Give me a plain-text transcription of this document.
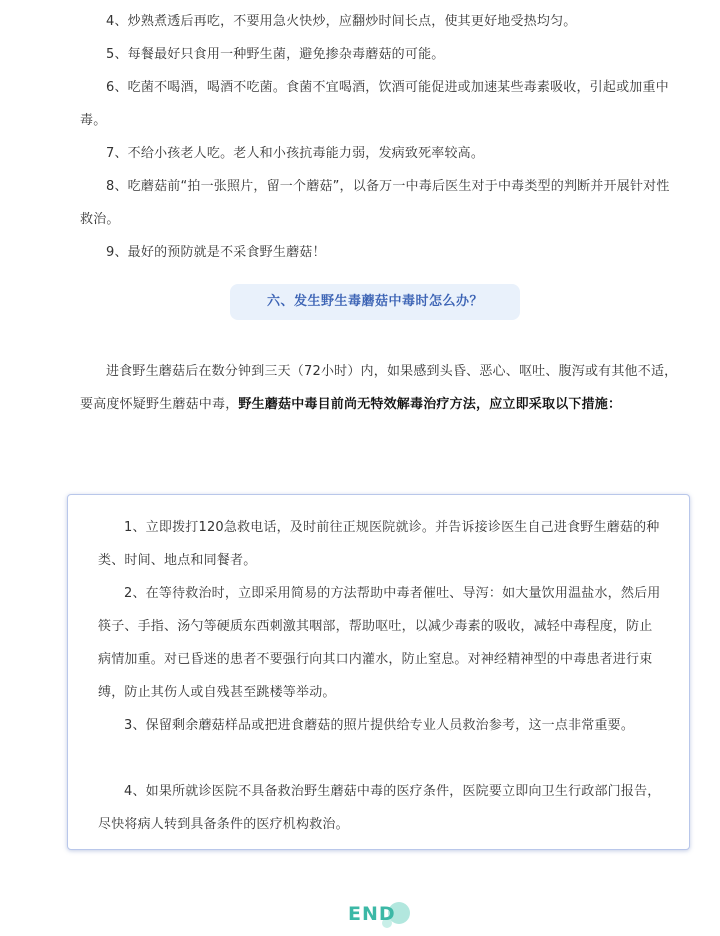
4、炒熟煮透后再吃，不要用急火快炒，应翻炒时间长点，使其更好地受热均匀。

5、每餐最好只食用一种野生菌，避免掺杂毒蘑菇的可能。

6、吃菌不喝酒，喝酒不吃菌。食菌不宜喝酒，饮酒可能促进或加速某些毒素吸收，引起或加重中毒。

7、不给小孩老人吃。老人和小孩抗毒能力弱，发病致死率较高。

8、吃蘑菇前“拍一张照片，留一个蘑菇”，以备万一中毒后医生对于中毒类型的判断并开展针对性救治。

9、最好的预防就是不采食野生蘑菇！

六、发生野生毒蘑菇中毒时怎么办？

进食野生蘑菇后在数分钟到三天（72小时）内，如果感到头昏、恶心、呕吐、腹泻或有其他不适，要高度怀疑野生蘑菇中毒，野生蘑菇中毒目前尚无特效解毒治疗方法，应立即采取以下措施：

1、立即拨打120急救电话，及时前往正规医院就诊。并告诉接诊医生自己进食野生蘑菇的种类、时间、地点和同餐者。

2、在等待救治时，立即采用简易的方法帮助中毒者催吐、导泻：如大量饮用温盐水，然后用筷子、手指、汤勺等硬质东西刺激其咽部，帮助呕吐，以减少毒素的吸收，减轻中毒程度，防止病情加重。对已昏迷的患者不要强行向其口内灌水，防止窒息。对神经精神型的中毒患者进行束缚，防止其伤人或自残甚至跳楼等举动。

3、保留剩余蘑菇样品或把进食蘑菇的照片提供给专业人员救治参考，这一点非常重要。

4、如果所就诊医院不具备救治野生蘑菇中毒的医疗条件，医院要立即向卫生行政部门报告，尽快将病人转到具备条件的医疗机构救治。

END
